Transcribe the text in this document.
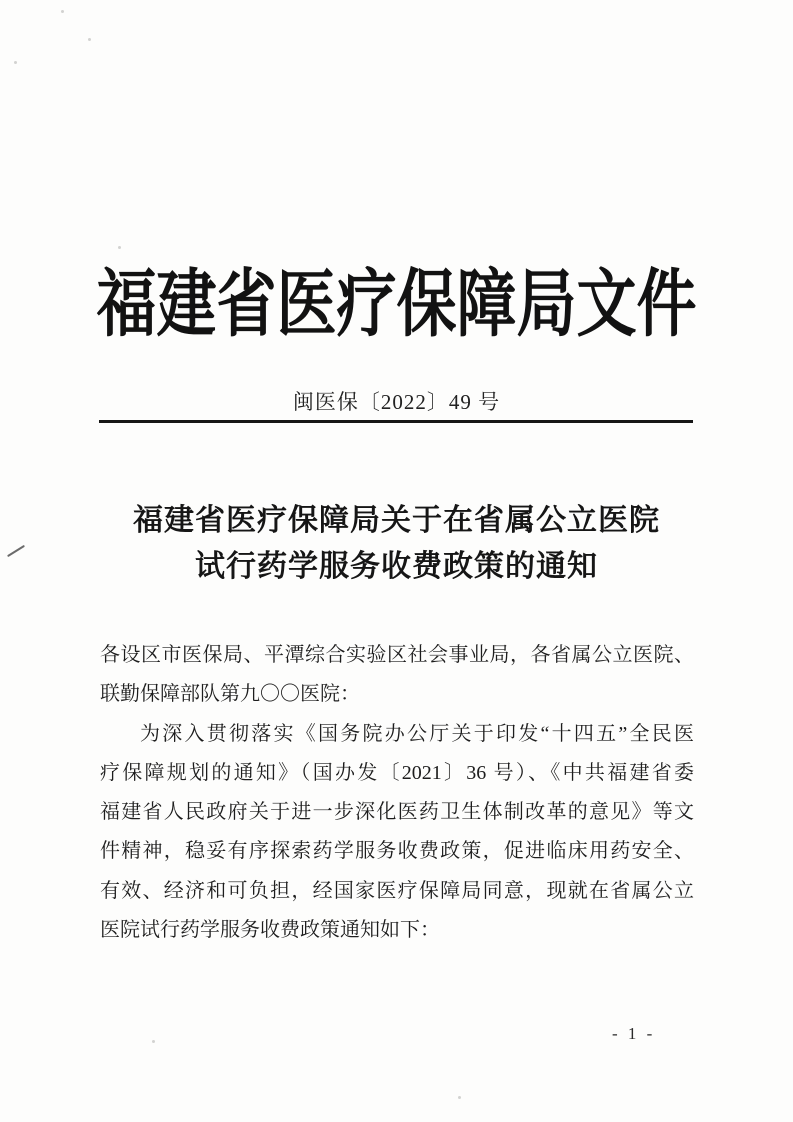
福建省医疗保障局文件
闽医保〔2022〕49 号
福建省医疗保障局关于在省属公立医院
试行药学服务收费政策的通知
各设区市医保局、平潭综合实验区社会事业局，各省属公立医院、
联勤保障部队第九〇〇医院：
为深入贯彻落实《国务院办公厅关于印发“十四五”全民医
疗保障规划的通知》（国办发〔2021〕36 号）、《中共福建省委
福建省人民政府关于进一步深化医药卫生体制改革的意见》等文
件精神，稳妥有序探索药学服务收费政策，促进临床用药安全、
有效、经济和可负担，经国家医疗保障局同意，现就在省属公立
医院试行药学服务收费政策通知如下：
- 1 -
